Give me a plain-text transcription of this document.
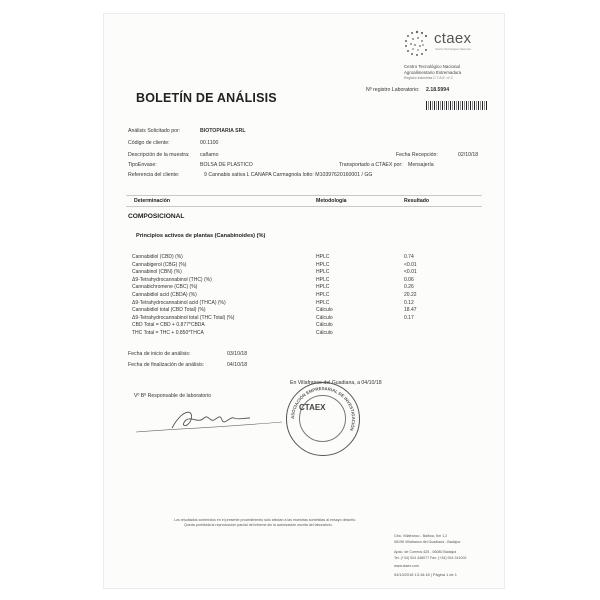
ctaex
Centro Tecnológico Nacional
Centro Tecnológico Nacional
Agroalimentario Extremadura
Registro Industrias C.T.A.E. nº 2
BOLETÍN DE ANÁLISIS
Nº registro Laboratorio: 2.18.5994
Análisis Solicitado por:	BIOTOPIARIA SRL
Código de cliente:	00.1100
Descripción de la muestra: cañamo	Fecha Recepción:	02/10/18
TipoEnvase:	BOLSA DE PLASTICO	Transportado a CTAEX por: Mensajería
Referencia del cliente:	9 Cannabis sativa L CANAPA Carmagnola lotto: M10397620160001 / GG
Determinación	Metodología	Resultado
COMPOSICIONAL
Principios activos de plantas (Canabinoides) (%)
Cannabidiol (CBD) (%)	HPLC	0.74
Cannabigerol (CBG) (%)	HPLC	<0.01
Cannabinol (CBN) (%)	HPLC	<0.01
Δ9-Tetrahydrocannabinol (THC) (%)	HPLC	0.06
Cannabichromene (CBC) (%)	HPLC	0.26
Cannabidiol acid (CBDA) (%)	HPLC	20.22
Δ9-Tetrahydrocannabinol acid (THCA) (%)	HPLC	0.12
Cannabidiol total (CBD Total) (%)	Cálculo	18.47
Δ9-Tetrahydrocannabinol total (THC Total) (%)	Cálculo	0.17
CBD Total = CBD + 0.877*CBDA	Cálculo
THC Total = THC + 0.850*THCA	Cálculo
Fecha de inicio de análisis:	03/10/18
Fecha de finalización de análisis:	04/10/18
En Villafranco del Guadiana, a 04/10/18
Vº Bº Responsable de laboratorio
ASOCIACIÓN EMPRESARIAL DE INVESTIGACIÓN
CTAEX
Los resultados contenidos en el presente procedimiento sólo afectan a las muestras sometidas al ensayo descrito.
Queda prohibida la reproducción parcial del informe sin la autorización escrita del laboratorio.
Ctra. Villafranco - Balboa, Km 1,2
06195 Villafranco del Guadiana - Badajoz
Apdo. de Correos 425 - 06080 Badajoz
Tel: (+34) 924 448077 Fax: (+34) 924 241002
www.ctaex.com
04/10/2018 13:16:18 | Página 1 de 1
